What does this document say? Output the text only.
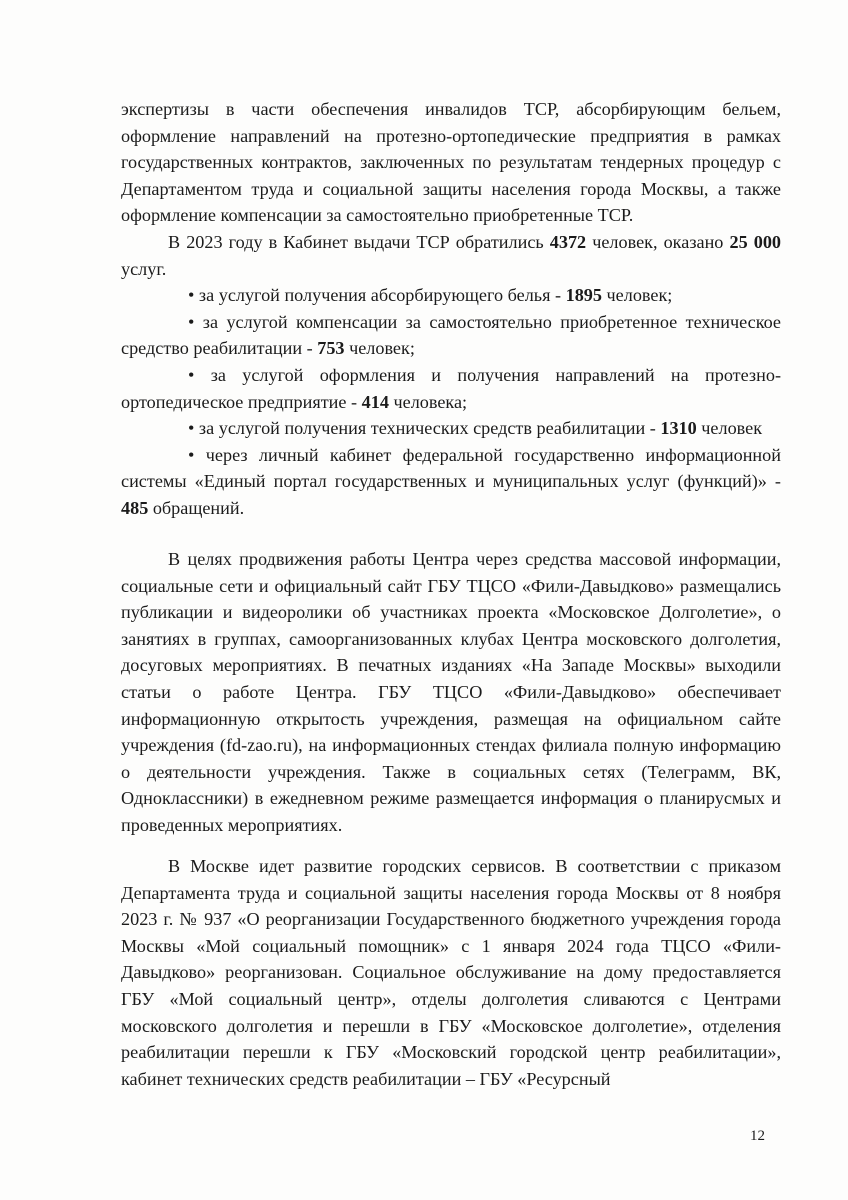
экспертизы в части обеспечения инвалидов ТСР, абсорбирующим бельем, оформление направлений на протезно-ортопедические предприятия в рамках государственных контрактов, заключенных по результатам тендерных процедур с Департаментом труда и социальной защиты населения города Москвы, а также оформление компенсации за самостоятельно приобретенные ТСР.

В 2023 году в Кабинет выдачи ТСР обратились 4372 человек, оказано 25 000 услуг.

• за услугой получения абсорбирующего белья - 1895 человек;

• за услугой компенсации за самостоятельно приобретенное техническое средство реабилитации - 753 человек;

• за услугой оформления и получения направлений на протезно-ортопедическое предприятие - 414 человека;

• за услугой получения технических средств реабилитации - 1310 человек

• через личный кабинет федеральной государственно информационной системы «Единый портал государственных и муниципальных услуг (функций)» - 485 обращений.

В целях продвижения работы Центра через средства массовой информации, социальные сети и официальный сайт ГБУ ТЦСО «Фили-Давыдково» размещались публикации и видеоролики об участниках проекта «Московское Долголетие», о занятиях в группах, самоорганизованных клубах Центра московского долголетия, досуговых мероприятиях. В печатных изданиях «На Западе Москвы» выходили статьи о работе Центра. ГБУ ТЦСО «Фили-Давыдково» обеспечивает информационную открытость учреждения, размещая на официальном сайте учреждения (fd-zao.ru), на информационных стендах филиала полную информацию о деятельности учреждения. Также в социальных сетях (Телеграмм, ВК, Одноклассники) в ежедневном режиме размещается информация о планирусмых и проведенных мероприятиях.

В Москве идет развитие городских сервисов. В соответствии с приказом Департамента труда и социальной защиты населения города Москвы от 8 ноября 2023 г. № 937 «О реорганизации Государственного бюджетного учреждения города Москвы «Мой социальный помощник» с 1 января 2024 года ТЦСО «Фили-Давыдково» реорганизован. Социальное обслуживание на дому предоставляется ГБУ «Мой социальный центр», отделы долголетия сливаются с Центрами московского долголетия и перешли в ГБУ «Московское долголетие», отделения реабилитации перешли к ГБУ «Московский городской центр реабилитации», кабинет технических средств реабилитации – ГБУ «Ресурсный

12
